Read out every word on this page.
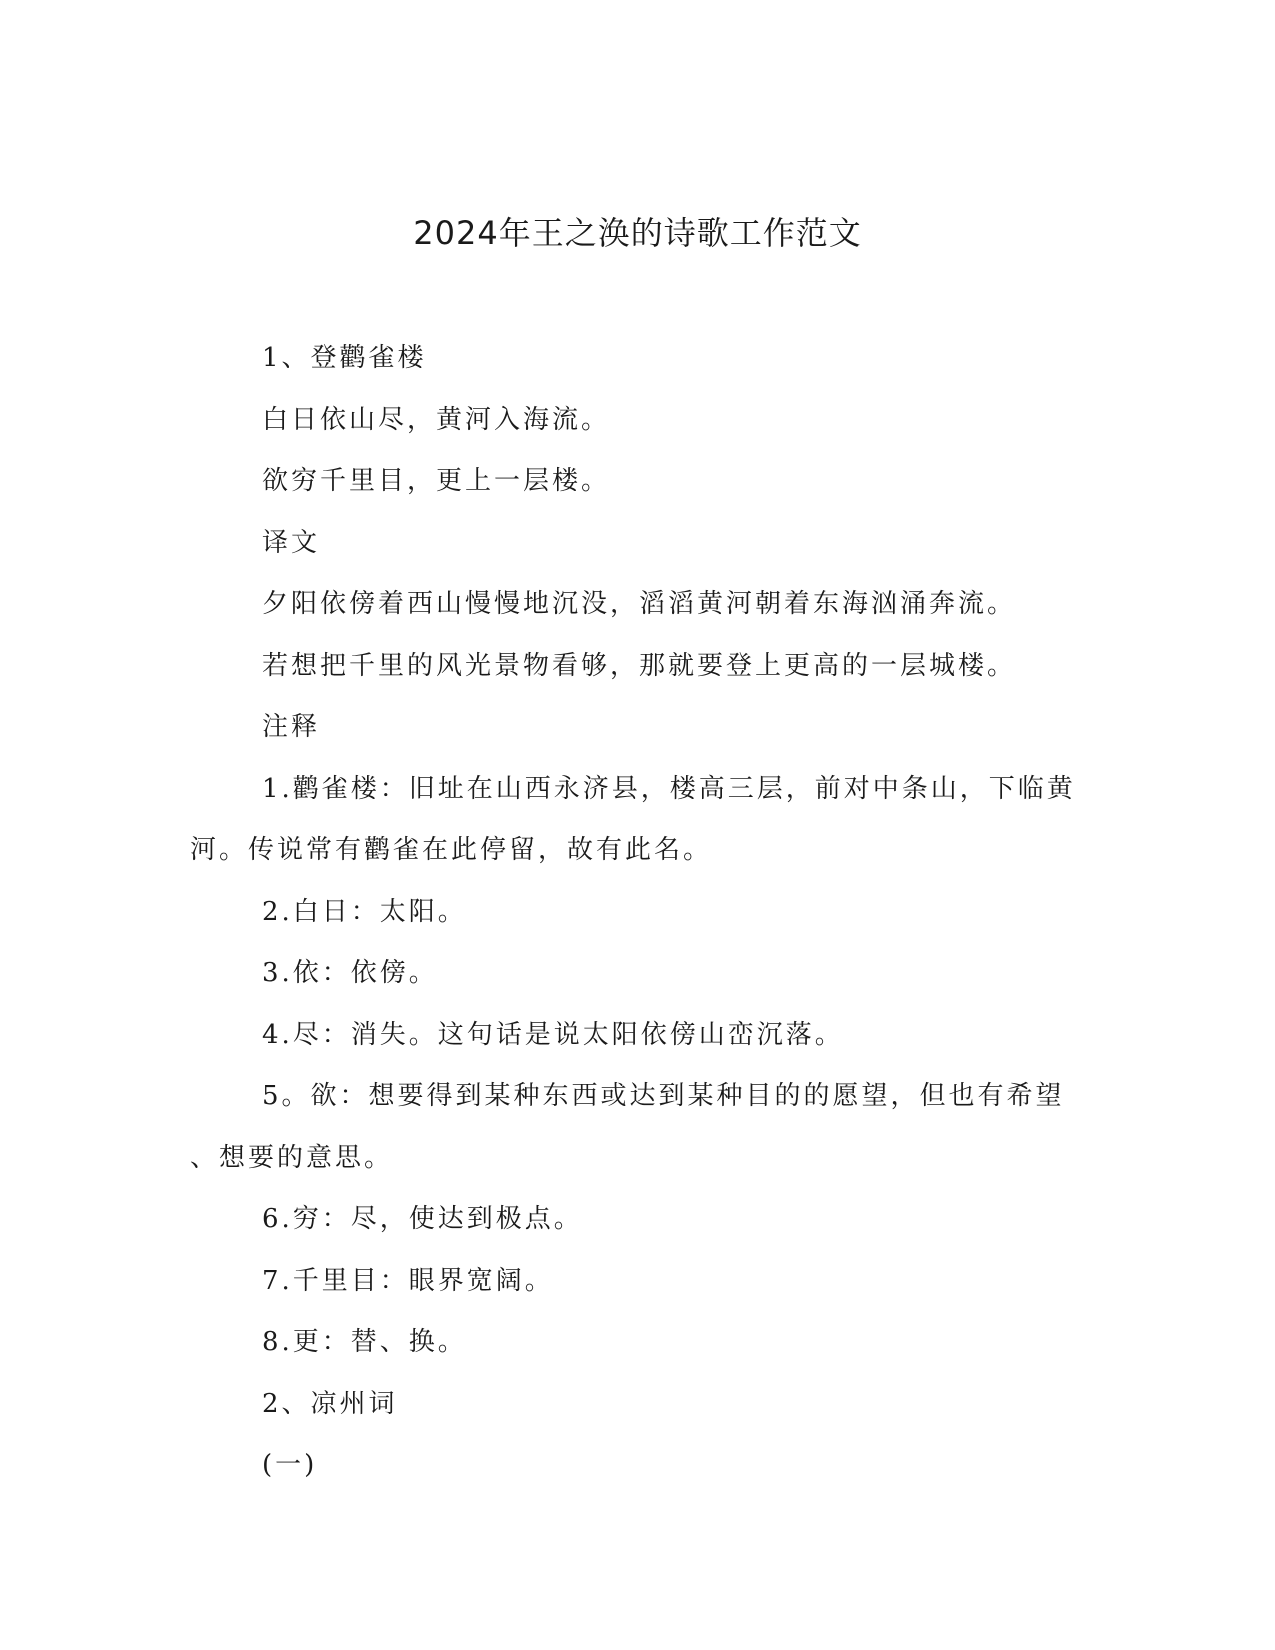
2024年王之涣的诗歌工作范文

1、登鹳雀楼

白日依山尽，黄河入海流。

欲穷千里目，更上一层楼。

译文

夕阳依傍着西山慢慢地沉没，滔滔黄河朝着东海汹涌奔流。

若想把千里的风光景物看够，那就要登上更高的一层城楼。

注释

1.鹳雀楼：旧址在山西永济县，楼高三层，前对中条山，下临黄

河。传说常有鹳雀在此停留，故有此名。

2.白日：太阳。

3.依：依傍。

4.尽：消失。这句话是说太阳依傍山峦沉落。

5。欲：想要得到某种东西或达到某种目的的愿望，但也有希望

、想要的意思。

6.穷：尽，使达到极点。

7.千里目：眼界宽阔。

8.更：替、换。

2、凉州词

(一)
